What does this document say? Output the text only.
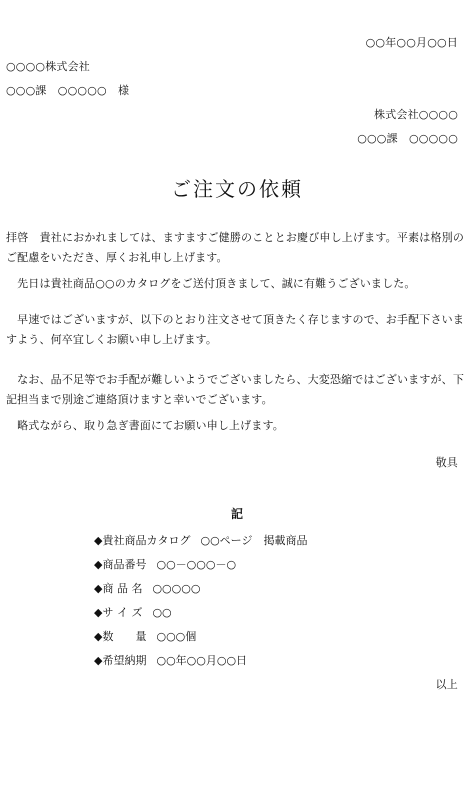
○○年○○月○○日
○○○○株式会社
○○○課　○○○○○　様
株式会社○○○○
○○○課　○○○○○
ご注文の依頼
拝啓　貴社におかれましては、ますますご健勝のこととお慶び申し上げます。平素は格別のご配慮をいただき、厚くお礼申し上げます。
　先日は貴社商品○○のカタログをご送付頂きまして、誠に有難うございました。
　早速ではございますが、以下のとおり注文させて頂きたく存じますので、お手配下さいますよう、何卒宜しくお願い申し上げます。
　なお、品不足等でお手配が難しいようでございましたら、大変恐縮ではございますが、下記担当まで別途ご連絡頂けますと幸いでございます。
　略式ながら、取り急ぎ書面にてお願い申し上げます。
敬具
記
◆貴社商品カタログ ○○ページ　掲載商品
◆商品番号 ○○－○○○－○
◆商 品 名 ○○○○○
◆サ イ ズ ○○
◆数　　量 ○○○個
◆希望納期 ○○年○○月○○日
以上
